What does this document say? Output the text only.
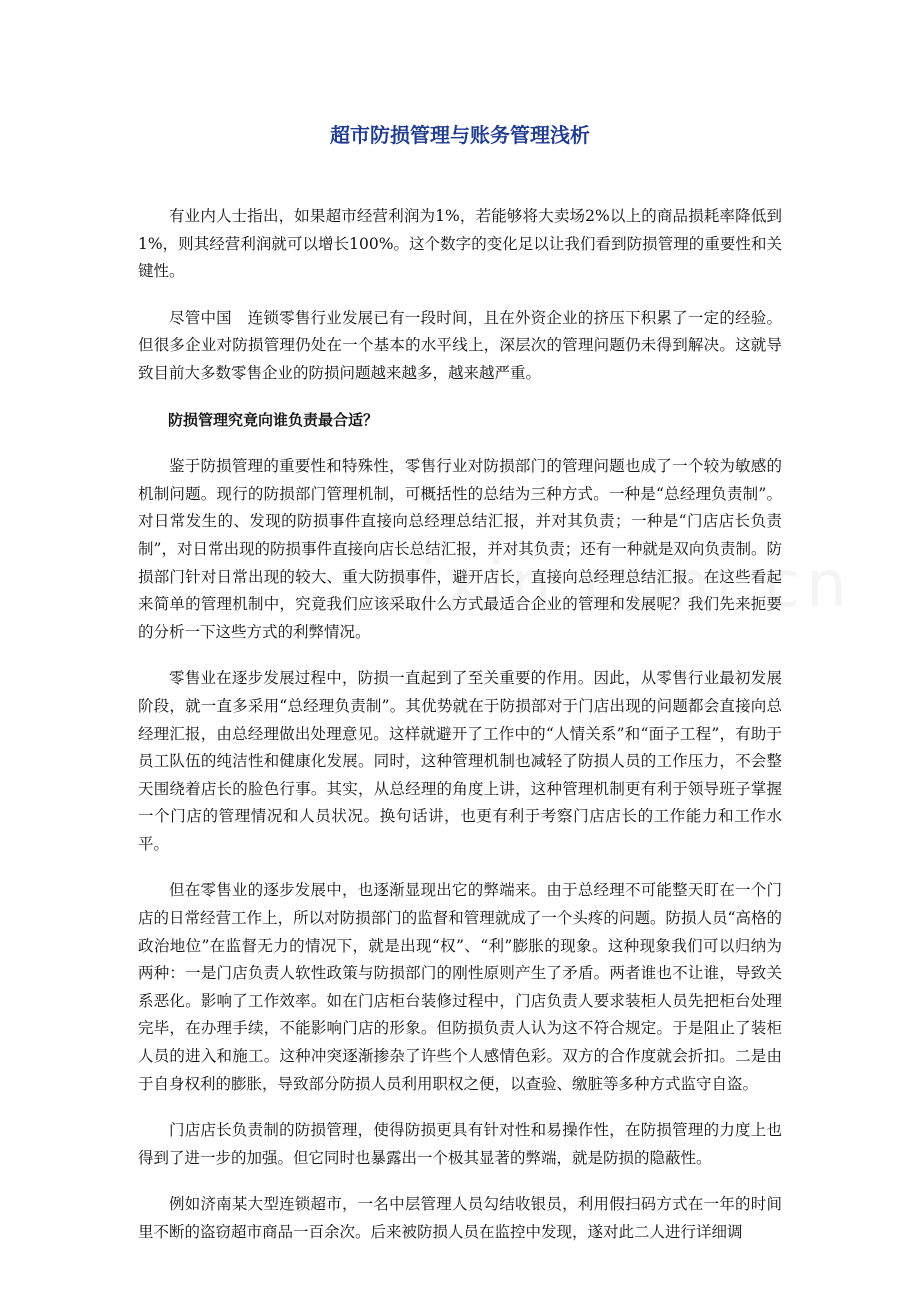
超市防损管理与账务管理浅析

有业内人士指出，如果超市经营利润为1%，若能够将大卖场2%以上的商品损耗率降低到1%，则其经营利润就可以增长100%。这个数字的变化足以让我们看到防损管理的重要性和关键性。

尽管中国　连锁零售行业发展已有一段时间，且在外资企业的挤压下积累了一定的经验。但很多企业对防损管理仍处在一个基本的水平线上，深层次的管理问题仍未得到解决。这就导致目前大多数零售企业的防损问题越来越多，越来越严重。

防损管理究竟向谁负责最合适？

鉴于防损管理的重要性和特殊性，零售行业对防损部门的管理问题也成了一个较为敏感的机制问题。现行的防损部门管理机制，可概括性的总结为三种方式。一种是“总经理负责制”。对日常发生的、发现的防损事件直接向总经理总结汇报，并对其负责；一种是“门店店长负责制”，对日常出现的防损事件直接向店长总结汇报，并对其负责；还有一种就是双向负责制。防损部门针对日常出现的较大、重大防损事件，避开店长，直接向总经理总结汇报。在这些看起来简单的管理机制中，究竟我们应该采取什么方式最适合企业的管理和发展呢？我们先来扼要的分析一下这些方式的利弊情况。

零售业在逐步发展过程中，防损一直起到了至关重要的作用。因此，从零售行业最初发展阶段，就一直多采用“总经理负责制”。其优势就在于防损部对于门店出现的问题都会直接向总经理汇报，由总经理做出处理意见。这样就避开了工作中的“人情关系”和“面子工程”，有助于员工队伍的纯洁性和健康化发展。同时，这种管理机制也减轻了防损人员的工作压力，不会整天围绕着店长的脸色行事。其实，从总经理的角度上讲，这种管理机制更有利于领导班子掌握一个门店的管理情况和人员状况。换句话讲，也更有利于考察门店店长的工作能力和工作水平。

但在零售业的逐步发展中，也逐渐显现出它的弊端来。由于总经理不可能整天盯在一个门店的日常经营工作上，所以对防损部门的监督和管理就成了一个头疼的问题。防损人员“高格的政治地位”在监督无力的情况下，就是出现“权”、“利”膨胀的现象。这种现象我们可以归纳为两种：一是门店负责人软性政策与防损部门的刚性原则产生了矛盾。两者谁也不让谁，导致关系恶化。影响了工作效率。如在门店柜台装修过程中，门店负责人要求装柜人员先把柜台处理完毕，在办理手续，不能影响门店的形象。但防损负责人认为这不符合规定。于是阻止了装柜人员的进入和施工。这种冲突逐渐掺杂了许些个人感情色彩。双方的合作度就会折扣。二是由于自身权利的膨胀，导致部分防损人员利用职权之便，以查验、缴脏等多种方式监守自盗。

门店店长负责制的防损管理，使得防损更具有针对性和易操作性，在防损管理的力度上也得到了进一步的加强。但它同时也暴露出一个极其显著的弊端，就是防损的隐蔽性。

例如济南某大型连锁超市，一名中层管理人员勾结收银员，利用假扫码方式在一年的时间里不断的盗窃超市商品一百余次。后来被防损人员在监控中发现，遂对此二人进行详细调
